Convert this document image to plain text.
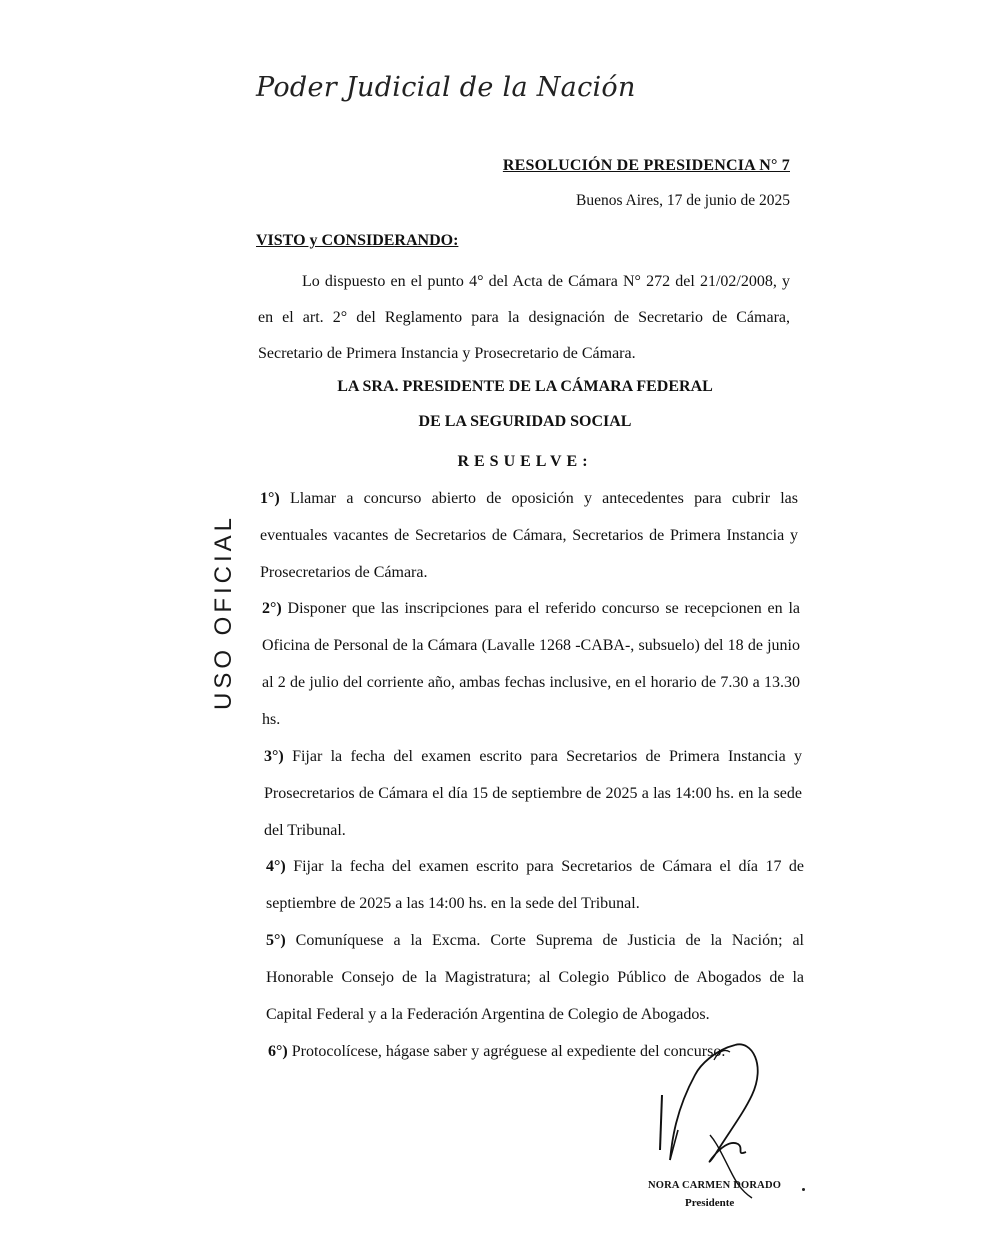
Poder Judicial de la Nación
RESOLUCIÓN DE PRESIDENCIA N° 7
Buenos Aires, 17 de junio de 2025
VISTO y CONSIDERANDO:
Lo dispuesto en el punto 4° del Acta de Cámara N° 272 del 21/02/2008, y en el art. 2° del Reglamento para la designación de Secretario de Cámara, Secretario de Primera Instancia y Prosecretario de Cámara.
LA SRA. PRESIDENTE DE LA CÁMARA FEDERAL
DE LA SEGURIDAD SOCIAL
RESUELVE:
1°) Llamar a concurso abierto de oposición y antecedentes para cubrir las eventuales vacantes de Secretarios de Cámara, Secretarios de Primera Instancia y Prosecretarios de Cámara.
2°) Disponer que las inscripciones para el referido concurso se recepcionen en la Oficina de Personal de la Cámara (Lavalle 1268 -CABA-, subsuelo) del 18 de junio al 2 de julio del corriente año, ambas fechas inclusive, en el horario de 7.30 a 13.30 hs.
3°) Fijar la fecha del examen escrito para Secretarios de Primera Instancia y Prosecretarios de Cámara el día 15 de septiembre de 2025 a las 14:00 hs. en la sede del Tribunal.
4°) Fijar la fecha del examen escrito para Secretarios de Cámara el día 17 de septiembre de 2025 a las 14:00 hs. en la sede del Tribunal.
5°) Comuníquese a la Excma. Corte Suprema de Justicia de la Nación; al Honorable Consejo de la Magistratura; al Colegio Público de Abogados de la Capital Federal y a la Federación Argentina de Colegio de Abogados.
6°) Protocolícese, hágase saber y agréguese al expediente del concurso.
USO OFICIAL
NORA CARMEN DORADO
Presidente
